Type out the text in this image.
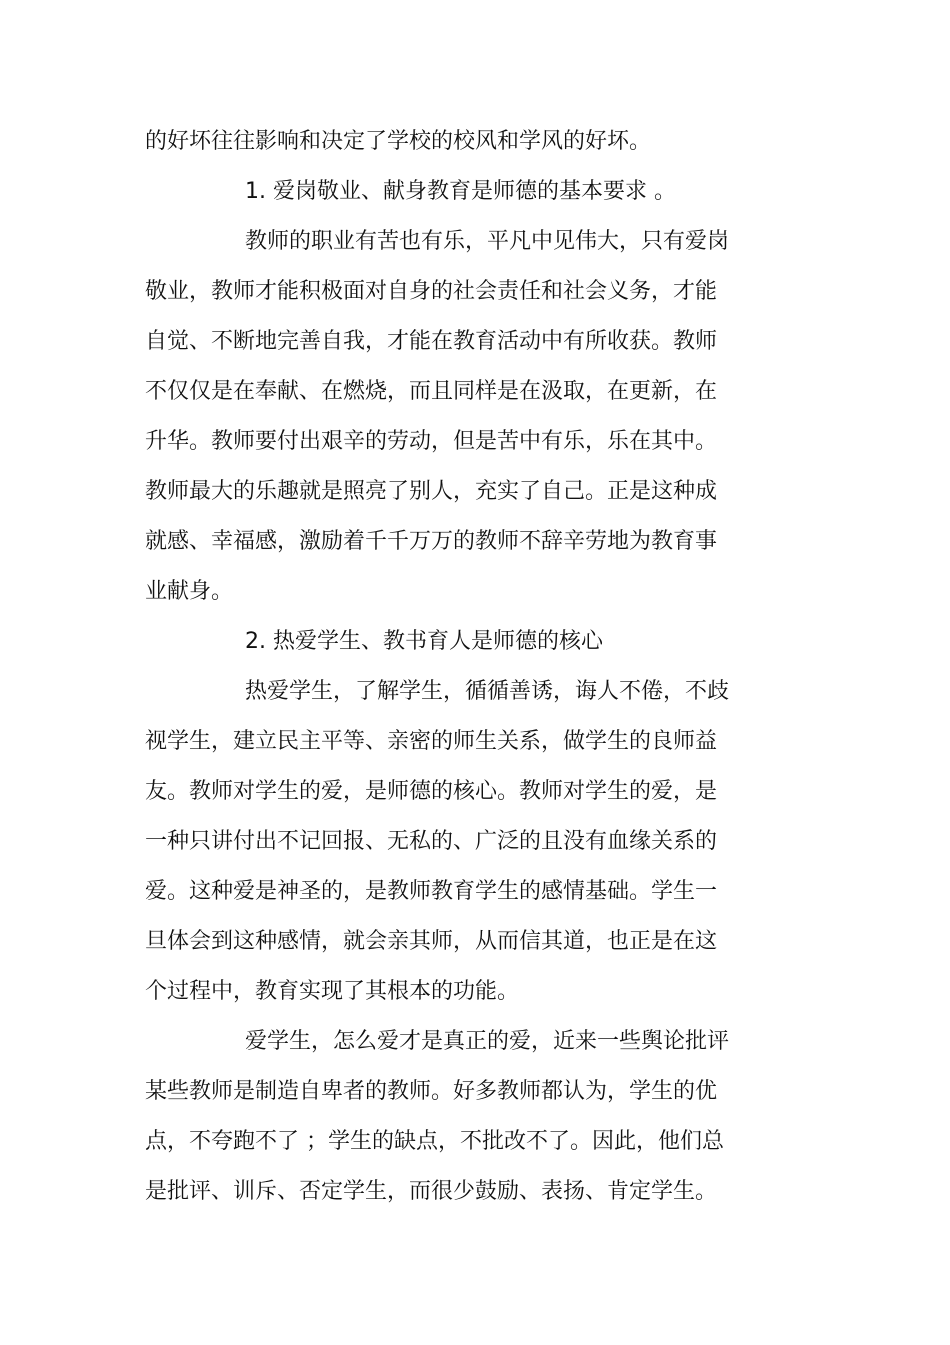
的好坏往往影响和决定了学校的校风和学风的好坏。
1. 爱岗敬业、献身教育是师德的基本要求 。
教师的职业有苦也有乐，平凡中见伟大，只有爱岗
敬业，教师才能积极面对自身的社会责任和社会义务，才能
自觉、不断地完善自我，才能在教育活动中有所收获。教师
不仅仅是在奉献、在燃烧，而且同样是在汲取，在更新，在
升华。教师要付出艰辛的劳动，但是苦中有乐，乐在其中。
教师最大的乐趣就是照亮了别人，充实了自己。正是这种成
就感、幸福感，激励着千千万万的教师不辞辛劳地为教育事
业献身。
2. 热爱学生、教书育人是师德的核心
热爱学生，了解学生，循循善诱，诲人不倦，不歧
视学生，建立民主平等、亲密的师生关系，做学生的良师益
友。教师对学生的爱，是师德的核心。教师对学生的爱，是
一种只讲付出不记回报、无私的、广泛的且没有血缘关系的
爱。这种爱是神圣的，是教师教育学生的感情基础。学生一
旦体会到这种感情，就会亲其师，从而信其道，也正是在这
个过程中，教育实现了其根本的功能。
爱学生，怎么爱才是真正的爱，近来一些舆论批评
某些教师是制造自卑者的教师。好多教师都认为，学生的优
点，不夸跑不了 ；学生的缺点，不批改不了。因此，他们总
是批评、训斥、否定学生，而很少鼓励、表扬、肯定学生。
